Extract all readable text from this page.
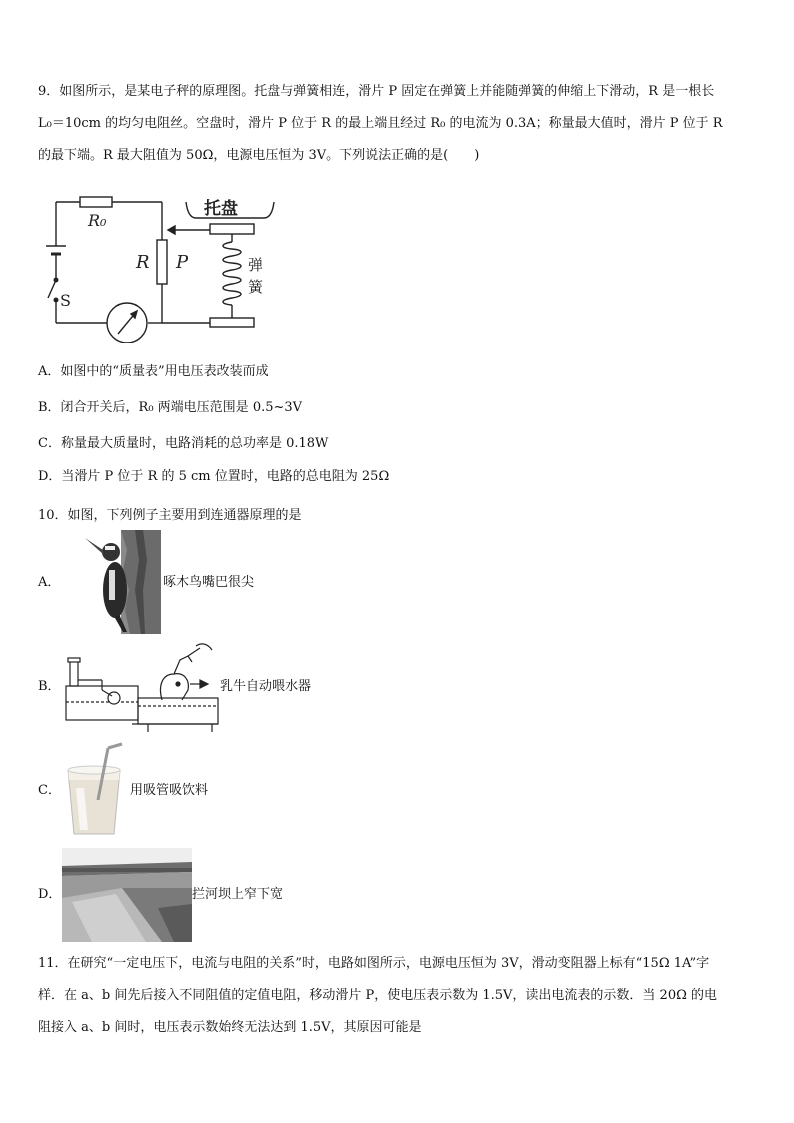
9．如图所示，是某电子秤的原理图。托盘与弹簧相连，滑片 P 固定在弹簧上并能随弹簧的伸缩上下滑动，R 是一根长
L₀＝10cm 的均匀电阻丝。空盘时，滑片 P 位于 R 的最上端且经过 R₀ 的电流为 0.3A；称量最大值时，滑片 P 位于 R
的最下端。R 最大阻值为 50Ω，电源电压恒为 3V。下列说法正确的是(　　)
R₀
R P
托盘
弹
簧
S
A．如图中的“质量表”用电压表改装而成
B．闭合开关后，R₀ 两端电压范围是 0.5~3V
C．称量最大质量时，电路消耗的总功率是 0.18W
D．当滑片 P 位于 R 的 5 cm 位置时，电路的总电阻为 25Ω
10．如图，下列例子主要用到连通器原理的是
A．	啄木鸟嘴巴很尖
B．	乳牛自动喂水器
C．	用吸管吸饮料
D．	拦河坝上窄下宽
11．在研究“一定电压下，电流与电阻的关系”时，电路如图所示，电源电压恒为 3V，滑动变阻器上标有“15Ω 1A”字
样．在 a、b 间先后接入不同阻值的定值电阻，移动滑片 P，使电压表示数为 1.5V，读出电流表的示数．当 20Ω 的电
阻接入 a、b 间时，电压表示数始终无法达到 1.5V，其原因可能是
